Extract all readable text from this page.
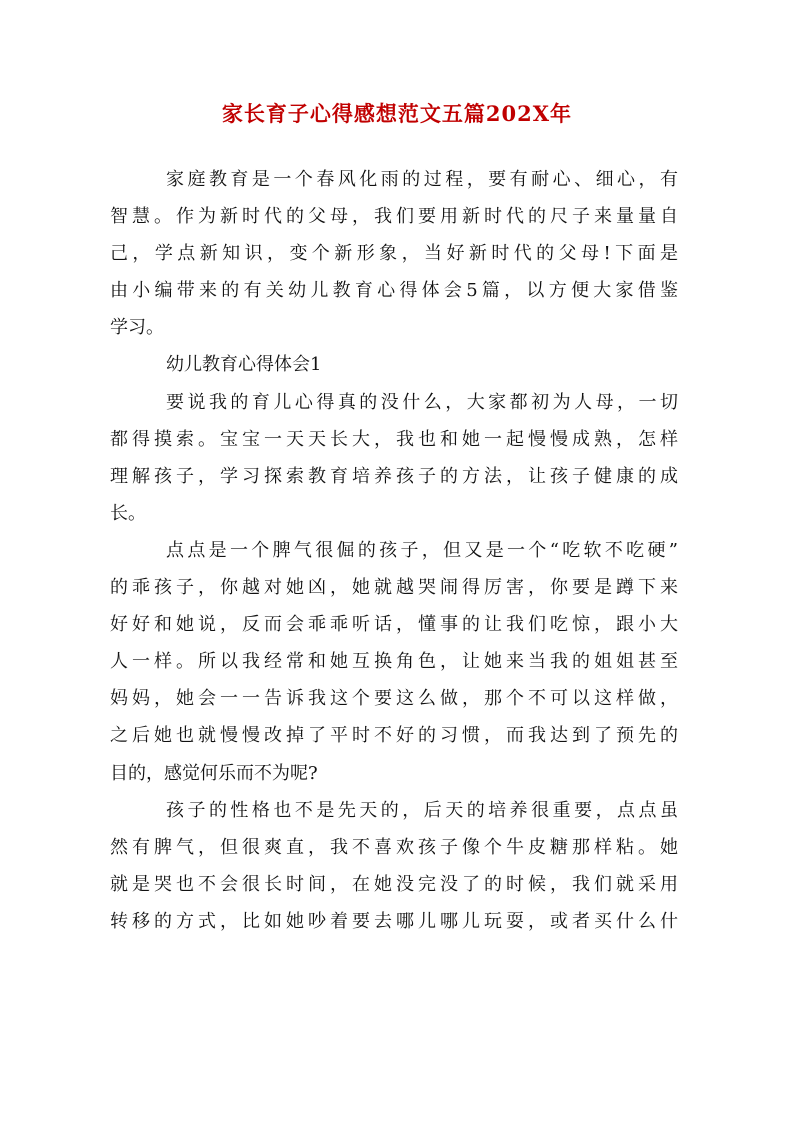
家长育子心得感想范文五篇202X年
家庭教育是一个春风化雨的过程，要有耐心、细心，有
智慧。作为新时代的父母，我们要用新时代的尺子来量量自
己，学点新知识，变个新形象，当好新时代的父母!下面是
由小编带来的有关幼儿教育心得体会5篇，以方便大家借鉴
学习。
幼儿教育心得体会1
要说我的育儿心得真的没什么，大家都初为人母，一切
都得摸索。宝宝一天天长大，我也和她一起慢慢成熟，怎样
理解孩子，学习探索教育培养孩子的方法，让孩子健康的成
长。
点点是一个脾气很倔的孩子，但又是一个“吃软不吃硬”
的乖孩子，你越对她凶，她就越哭闹得厉害，你要是蹲下来
好好和她说，反而会乖乖听话，懂事的让我们吃惊，跟小大
人一样。所以我经常和她互换角色，让她来当我的姐姐甚至
妈妈，她会一一告诉我这个要这么做，那个不可以这样做，
之后她也就慢慢改掉了平时不好的习惯，而我达到了预先的
目的，感觉何乐而不为呢?
孩子的性格也不是先天的，后天的培养很重要，点点虽
然有脾气，但很爽直，我不喜欢孩子像个牛皮糖那样粘。她
就是哭也不会很长时间，在她没完没了的时候，我们就采用
转移的方式，比如她吵着要去哪儿哪儿玩耍，或者买什么什
